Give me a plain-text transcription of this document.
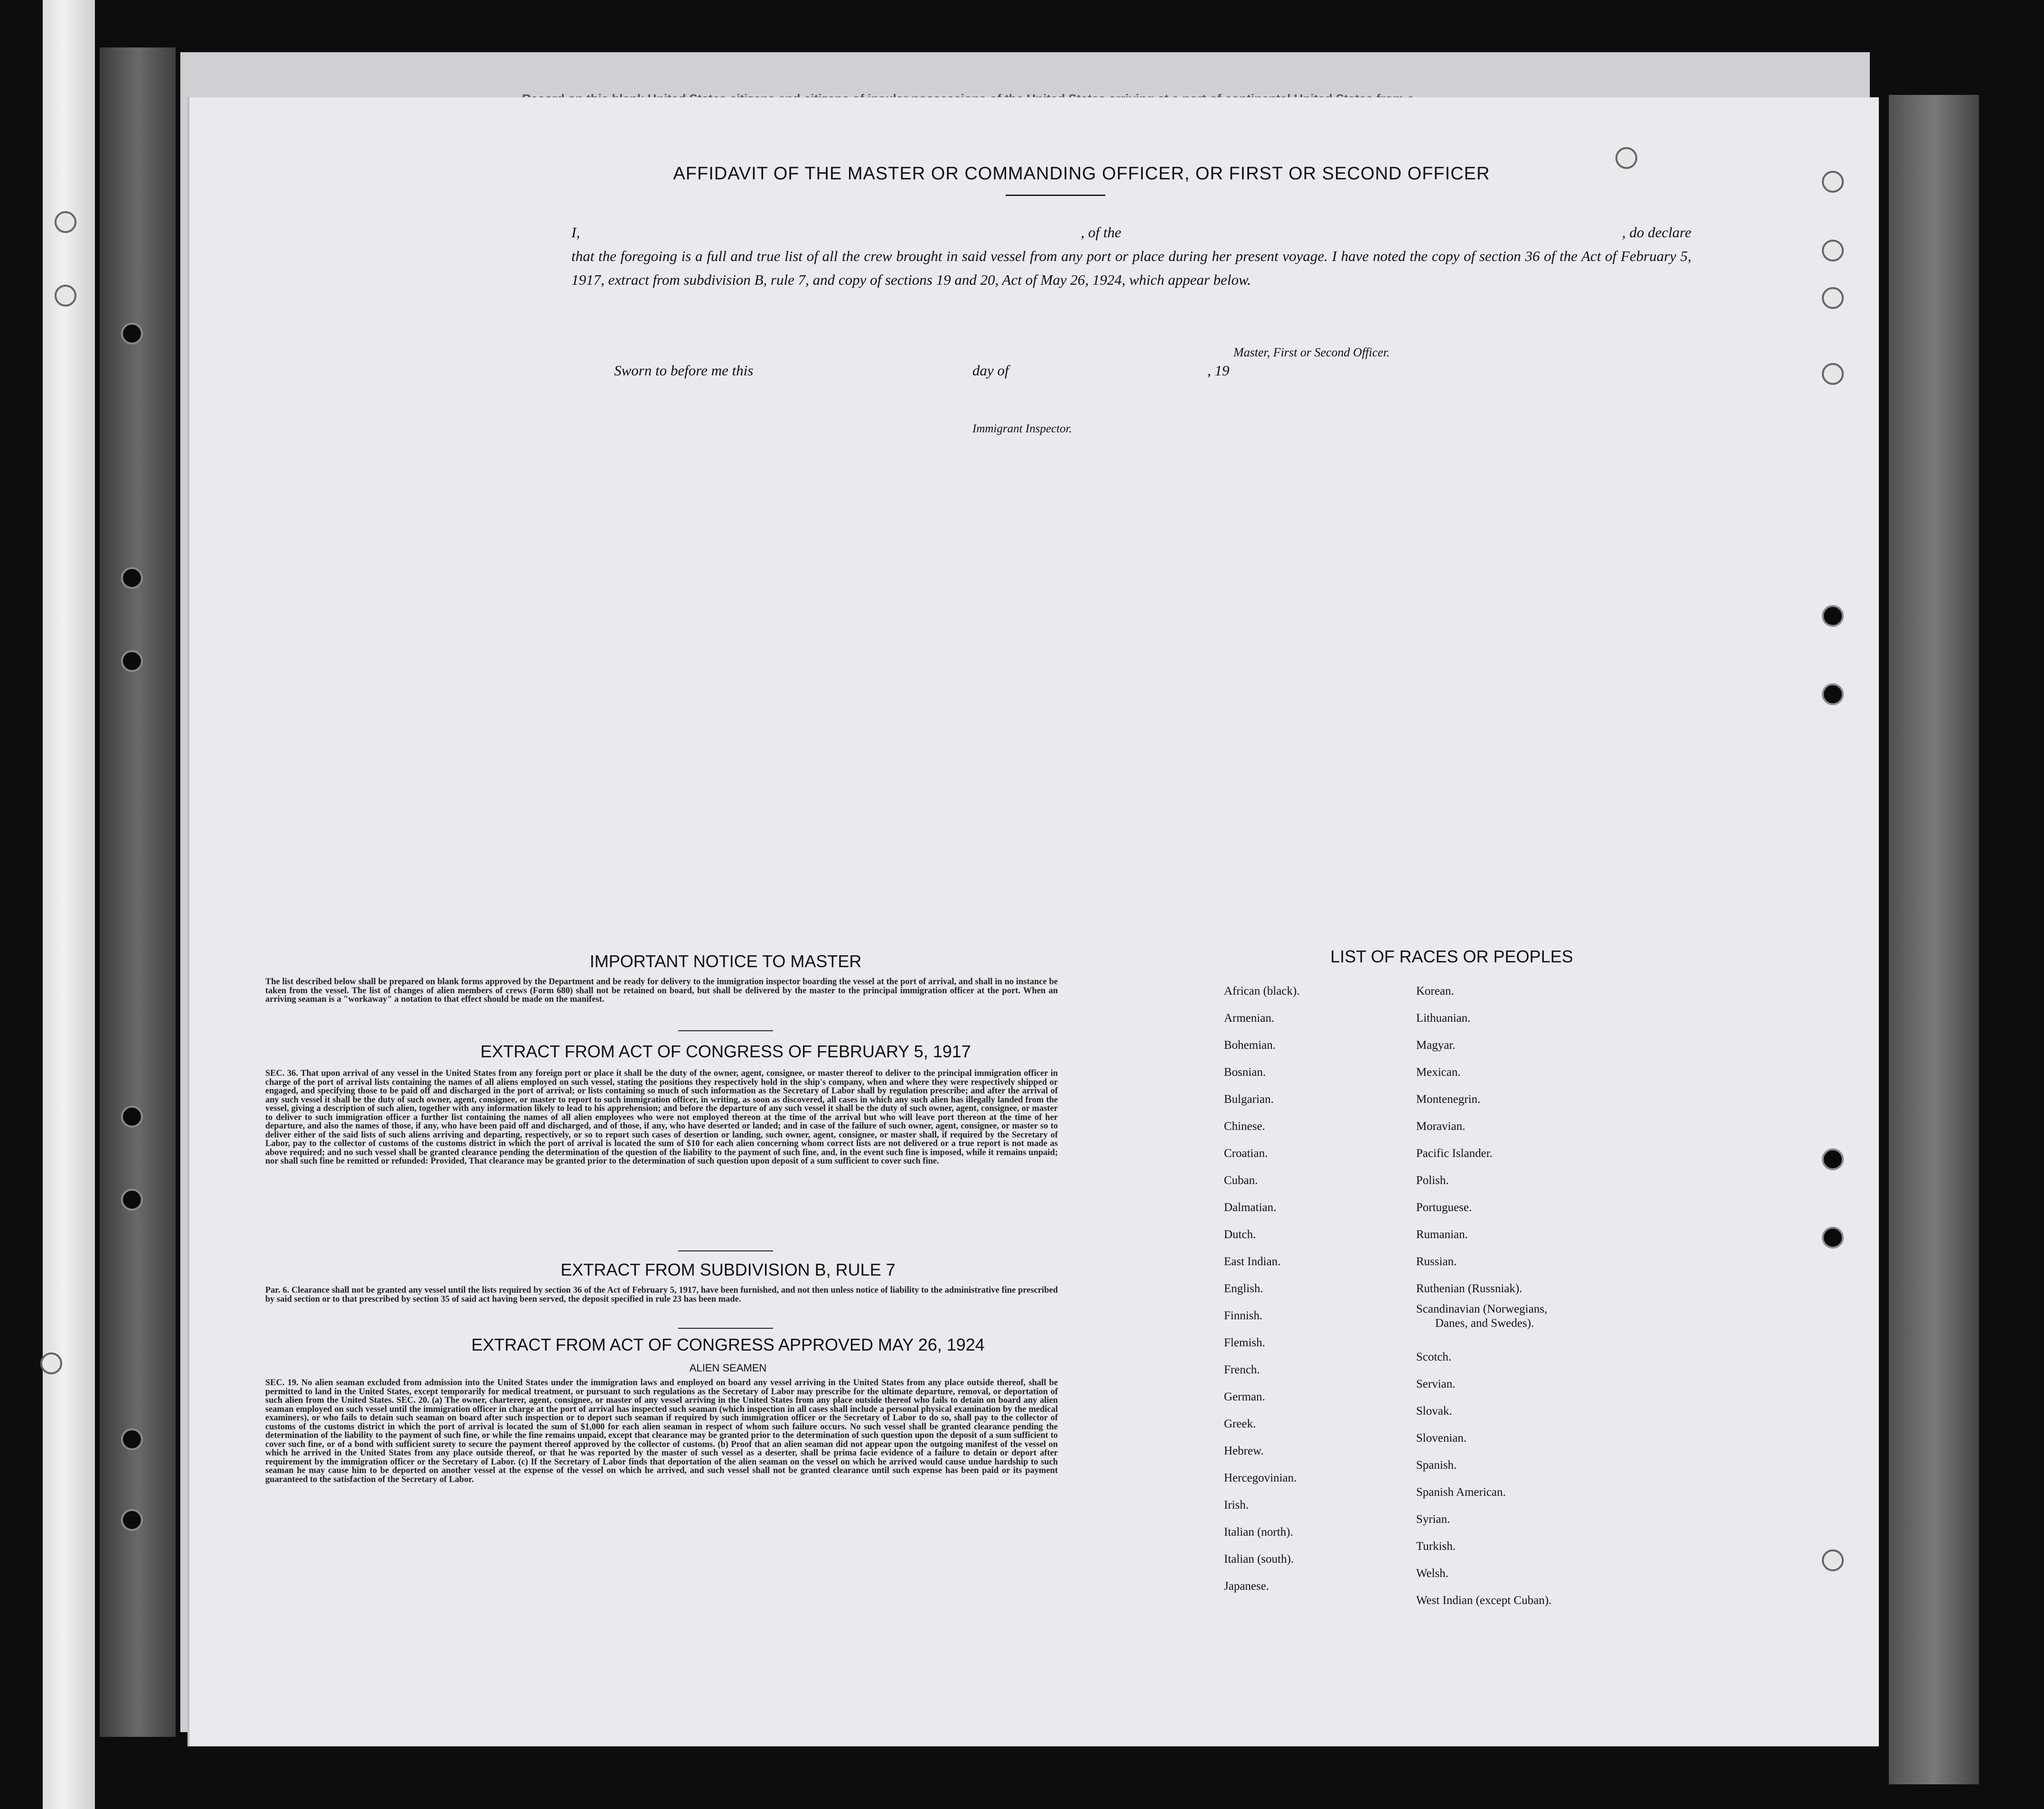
AFFIDAVIT OF THE MASTER OR COMMANDING OFFICER, OR FIRST OR SECOND OFFICER
I,	, of the	, do declare
that the foregoing is a full and true list of all the crew brought in said vessel from any port or place during her present voyage. I have noted the copy of section 36 of the Act of February 5, 1917, extract from subdivision B, rule 7, and copy of sections 19 and 20, Act of May 26, 1924, which appear below.
Master, First or Second Officer.
Sworn to before me this	day of	, 19
Immigrant Inspector.
IMPORTANT NOTICE TO MASTER
The list described below shall be prepared on blank forms approved by the Department and be ready for delivery to the immigration inspector boarding the vessel at the port of arrival, and shall in no instance be taken from the vessel. The list of changes of alien members of crews (Form 680) shall not be retained on board, but shall be delivered by the master to the principal immigration officer at the port. When an arriving seaman is a "workaway" a notation to that effect should be made on the manifest.
EXTRACT FROM ACT OF CONGRESS OF FEBRUARY 5, 1917
SEC. 36. That upon arrival of any vessel in the United States from any foreign port or place it shall be the duty of the owner, agent, consignee, or master thereof to deliver to the principal immigration officer in charge of the port of arrival lists containing the names of all aliens employed on such vessel, stating the positions they respectively hold in the ship's company, when and where they were respectively shipped or engaged, and specifying those to be paid off and discharged in the port of arrival; or lists containing so much of such information as the Secretary of Labor shall by regulation prescribe; and after the arrival of any such vessel it shall be the duty of such owner, agent, consignee, or master to report to such immigration officer, in writing, as soon as discovered, all cases in which any such alien has illegally landed from the vessel, giving a description of such alien, together with any information likely to lead to his apprehension; and before the departure of any such vessel it shall be the duty of such owner, agent, consignee, or master to deliver to such immigration officer a further list containing the names of all alien employees who were not employed thereon at the time of the arrival but who will leave port thereon at the time of her departure, and also the names of those, if any, who have been paid off and discharged, and of those, if any, who have deserted or landed; and in case of the failure of such owner, agent, consignee, or master so to deliver either of the said lists of such aliens arriving and departing, respectively, or so to report such cases of desertion or landing, such owner, agent, consignee, or master shall, if required by the Secretary of Labor, pay to the collector of customs of the customs district in which the port of arrival is located the sum of $10 for each alien concerning whom correct lists are not delivered or a true report is not made as above required; and no such vessel shall be granted clearance pending the determination of the question of the liability to the payment of such fine, and, in the event such fine is imposed, while it remains unpaid; nor shall such fine be remitted or refunded: Provided, That clearance may be granted prior to the determination of such question upon deposit of a sum sufficient to cover such fine.
EXTRACT FROM SUBDIVISION B, RULE 7
Par. 6. Clearance shall not be granted any vessel until the lists required by section 36 of the Act of February 5, 1917, have been furnished, and not then unless notice of liability to the administrative fine prescribed by said section or to that prescribed by section 35 of said act having been served, the deposit specified in rule 23 has been made.
EXTRACT FROM ACT OF CONGRESS APPROVED MAY 26, 1924
ALIEN SEAMEN
SEC. 19. No alien seaman excluded from admission into the United States under the immigration laws and employed on board any vessel arriving in the United States from any place outside thereof, shall be permitted to land in the United States, except temporarily for medical treatment, or pursuant to such regulations as the Secretary of Labor may prescribe for the ultimate departure, removal, or deportation of such alien from the United States. SEC. 20. (a) The owner, charterer, agent, consignee, or master of any vessel arriving in the United States from any place outside thereof who fails to detain on board any alien seaman employed on such vessel until the immigration officer in charge at the port of arrival has inspected such seaman (which inspection in all cases shall include a personal physical examination by the medical examiners), or who fails to detain such seaman on board after such inspection or to deport such seaman if required by such immigration officer or the Secretary of Labor to do so, shall pay to the collector of customs of the customs district in which the port of arrival is located the sum of $1,000 for each alien seaman in respect of whom such failure occurs. No such vessel shall be granted clearance pending the determination of the liability to the payment of such fine, or while the fine remains unpaid, except that clearance may be granted prior to the determination of such question upon the deposit of a sum sufficient to cover such fine, or of a bond with sufficient surety to secure the payment thereof approved by the collector of customs. (b) Proof that an alien seaman did not appear upon the outgoing manifest of the vessel on which he arrived in the United States from any place outside thereof, or that he was reported by the master of such vessel as a deserter, shall be prima facie evidence of a failure to detain or deport after requirement by the immigration officer or the Secretary of Labor. (c) If the Secretary of Labor finds that deportation of the alien seaman on the vessel on which he arrived would cause undue hardship to such seaman he may cause him to be deported on another vessel at the expense of the vessel on which he arrived, and such vessel shall not be granted clearance until such expense has been paid or its payment guaranteed to the satisfaction of the Secretary of Labor.
LIST OF RACES OR PEOPLES
African (black).
Armenian.
Bohemian.
Bosnian.
Bulgarian.
Chinese.
Croatian.
Cuban.
Dalmatian.
Dutch.
East Indian.
English.
Finnish.
Flemish.
French.
German.
Greek.
Hebrew.
Hercegovinian.
Irish.
Italian (north).
Italian (south).
Japanese.
Korean.
Lithuanian.
Magyar.
Mexican.
Montenegrin.
Moravian.
Pacific Islander.
Polish.
Portuguese.
Rumanian.
Russian.
Ruthenian (Russniak).
Scandinavian (Norwegians,
Danes, and Swedes).
Scotch.
Servian.
Slovak.
Slovenian.
Spanish.
Spanish American.
Syrian.
Turkish.
Welsh.
West Indian (except Cuban).
